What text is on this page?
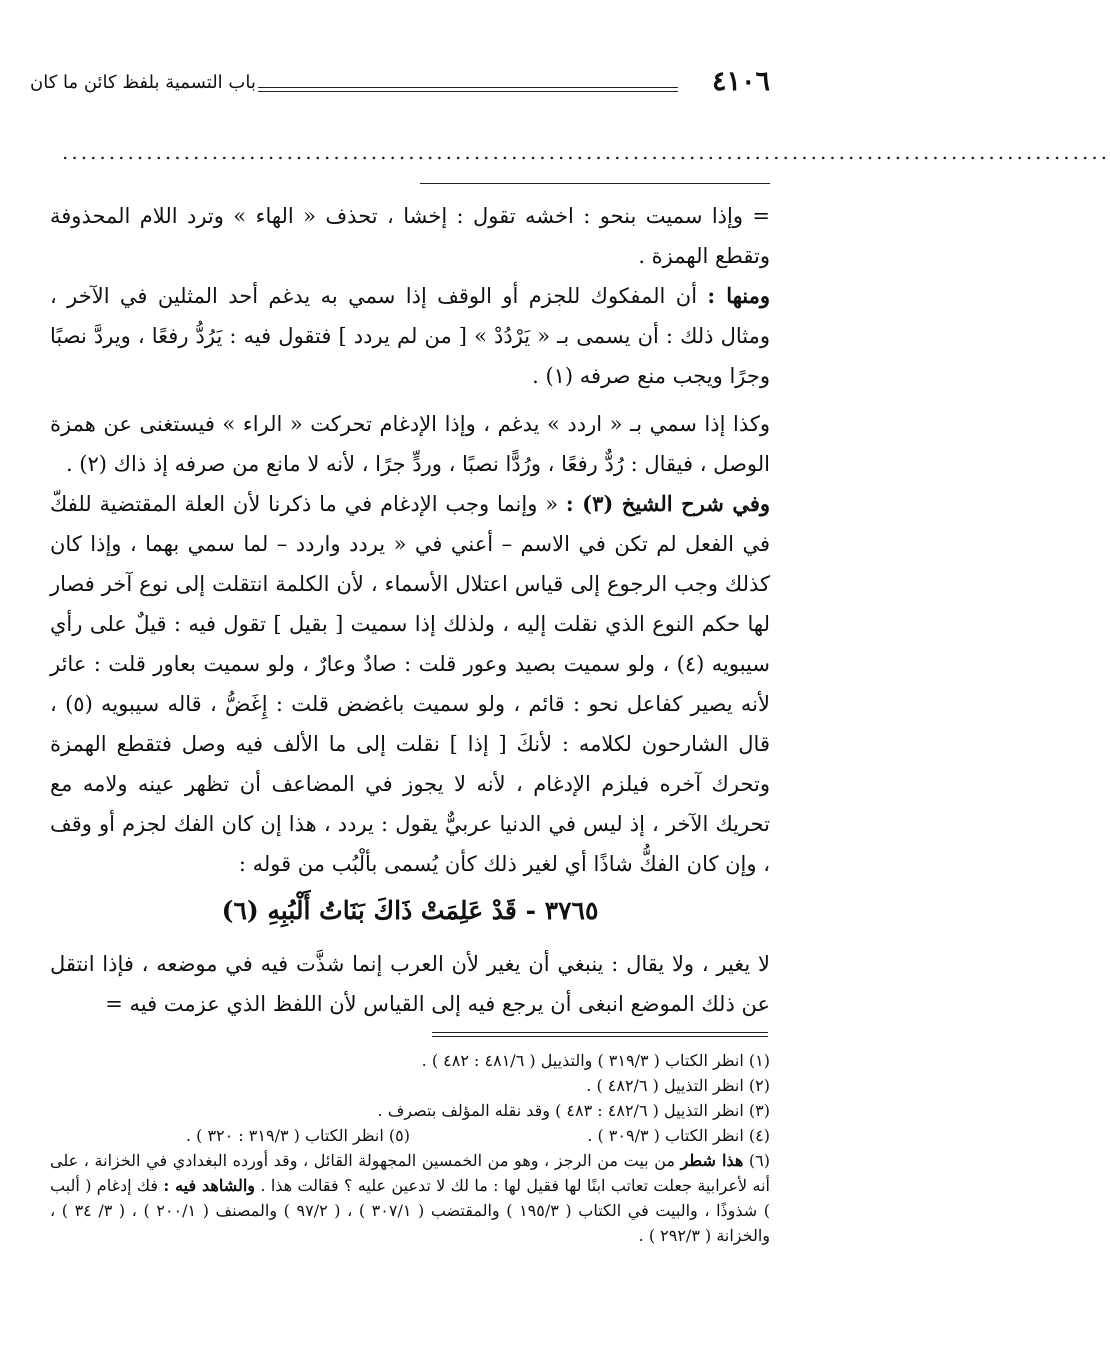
٤١٠٦
باب التسمية بلفظ كائن ما كان
................................................................................................................

= وإذا سميت بنحو : اخشه تقول : إخشا ، تحذف « الهاء » وترد اللام المحذوفة وتقطع الهمزة .

ومنها : أن المفكوك للجزم أو الوقف إذا سمي به يدغم أحد المثلين في الآخر ، ومثال ذلك : أن يسمى بـ « يَرْدُدْ » [ من لم يردد ] فتقول فيه : يَرُدُّ رفعًا ، ويردَّ نصبًا وجرًا ويجب منع صرفه (١) .

وكذا إذا سمي بـ « اردد » يدغم ، وإذا الإدغام تحركت « الراء » فيستغنى عن همزة الوصل ، فيقال : رُدٌّ رفعًا ، ورُدًّا نصبًا ، وردٍّ جرًا ، لأنه لا مانع من صرفه إذ ذاك (٢) .

وفي شرح الشيخ (٣) : « وإنما وجب الإدغام في ما ذكرنا لأن العلة المقتضية للفكّ في الفعل لم تكن في الاسم – أعني في « يردد واردد – لما سمي بهما ، وإذا كان كذلك وجب الرجوع إلى قياس اعتلال الأسماء ، لأن الكلمة انتقلت إلى نوع آخر فصار لها حكم النوع الذي نقلت إليه ، ولذلك إذا سميت [ بقيل ] تقول فيه : قيلٌ على رأي سيبويه (٤) ، ولو سميت بصيد وعور قلت : صادٌ وعارٌ ، ولو سميت بعاور قلت : عائر لأنه يصير كفاعل نحو : قائم ، ولو سميت باغضض قلت : إِغَضُّ ، قاله سيبويه (٥) ، قال الشارحون لكلامه : لأنكَ [ إذا ] نقلت إلى ما الألف فيه وصل فتقطع الهمزة وتحرك آخره فيلزم الإدغام ، لأنه لا يجوز في المضاعف أن تظهر عينه ولامه مع تحريك الآخر ، إذ ليس في الدنيا عربيٌّ يقول : يردد ، هذا إن كان الفك لجزم أو وقف ، وإن كان الفكُّ شاذًا أي لغير ذلك كأن يُسمى بألْبُب من قوله :

٣٧٦٥ - قَدْ عَلِمَتْ ذَاكَ بَنَاتُ أَلْبُبِهِ (٦)

لا يغير ، ولا يقال : ينبغي أن يغير لأن العرب إنما شذَّت فيه في موضعه ، فإذا انتقل عن ذلك الموضع انبغى أن يرجع فيه إلى القياس لأن اللفظ الذي عزمت فيه =

(١) انظر الكتاب ( ٣١٩/٣ ) والتذييل ( ٤٨١/٦ : ٤٨٢ ) .

(٢) انظر التذييل ( ٤٨٢/٦ ) .

(٣) انظر التذييل ( ٤٨٢/٦ : ٤٨٣ ) وقد نقله المؤلف بتصرف .

(٤) انظر الكتاب ( ٣٠٩/٣ ) .
(٥) انظر الكتاب ( ٣١٩/٣ : ٣٢٠ ) .

(٦) هذا شطر من بيت من الرجز ، وهو من الخمسين المجهولة القائل ، وقد أورده البغدادي في الخزانة ، على أنه لأعرابية جعلت تعاتب ابنًا لها فقيل لها : ما لك لا تدعين عليه ؟ فقالت هذا . والشاهد فيه : فك إدغام ( ألبب ) شذوذًا ، والبيت في الكتاب ( ١٩٥/٣ ) والمقتضب ( ٣٠٧/١ ) ، ( ٩٧/٢ ) والمصنف ( ٢٠٠/١ ) ، ( ٣/ ٣٤ ) ، والخزانة ( ٢٩٢/٣ ) .
